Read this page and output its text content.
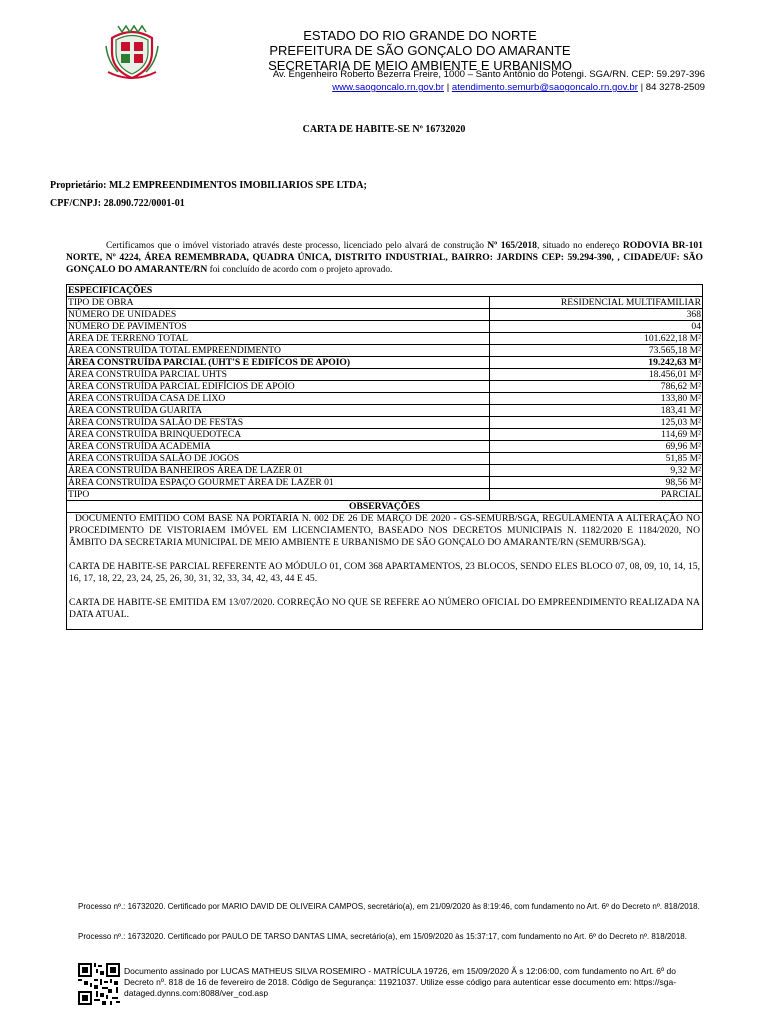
ESTADO DO RIO GRANDE DO NORTE
PREFEITURA DE SÃO GONÇALO DO AMARANTE
SECRETARIA DE MEIO AMBIENTE E URBANISMO
Av. Engenheiro Roberto Bezerra Freire, 1000 – Santo Antônio do Potengi. SGA/RN. CEP: 59.297-396
www.saogoncalo.rn.gov.br | atendimento.semurb@saogoncalo.rn.gov.br | 84 3278-2509
CARTA DE HABITE-SE Nº 16732020
Proprietário: ML2 EMPREENDIMENTOS IMOBILIARIOS SPE LTDA;
CPF/CNPJ: 28.090.722/0001-01
Certificamos que o imóvel vistoriado através deste processo, licenciado pelo alvará de construção Nº 165/2018, situado no endereço RODOVIA BR-101 NORTE, Nº 4224, ÁREA REMEMBRADA, QUADRA ÚNICA, DISTRITO INDUSTRIAL, BAIRRO: JARDINS CEP: 59.294-390, , CIDADE/UF: SÃO GONÇALO DO AMARANTE/RN foi concluído de acordo com o projeto aprovado.
ESPECIFICAÇÕES	
TIPO DE OBRA	RESIDENCIAL MULTIFAMILIAR
NÚMERO DE UNIDADES	368
NÚMERO DE PAVIMENTOS	04
ÁREA DE TERRENO TOTAL	101.622,18 M²
ÁREA CONSTRUÍDA TOTAL EMPREENDIMENTO	73.565,18 M²
ÁREA CONSTRUÍDA PARCIAL (UHT'S E EDIFÍCOS DE APOIO)	19.242,63 M²
ÁREA CONSTRUÍDA PARCIAL UHTS	18.456,01 M²
ÁREA CONSTRUÍDA PARCIAL EDIFÍCIOS DE APOIO	786,62 M²
ÁREA CONSTRUÍDA CASA DE LIXO	133,80 M²
ÁREA CONSTRUÍDA GUARITA	183,41 M²
ÁREA CONSTRUÍDA SALÃO DE FESTAS	125,03 M²
ÁREA CONSTRUÍDA BRINQUEDOTECA	114,69 M²
ÁREA CONSTRUÍDA ACADEMIA	69,96 M²
ÁREA CONSTRUÍDA SALÃO DE JOGOS	51,85 M²
ÁREA CONSTRUÍDA BANHEIROS ÁREA DE LAZER 01	9,32 M²
ÁREA CONSTRUÍDA ESPAÇO GOURMET ÁREA DE LAZER 01	98,56 M²
TIPO	PARCIAL
OBSERVAÇÕES	

DOCUMENTO EMITIDO COM BASE NA PORTARIA N. 002 DE 26 DE MARÇO DE 2020 - GS-SEMURB/SGA, REGULAMENTA A ALTERAÇÃO NO PROCEDIMENTO DE VISTORIAEM IMÓVEL EM LICENCIAMENTO, BASEADO NOS DECRETOS MUNICIPAIS N. 1182/2020 E 1184/2020, NO ÂMBITO DA SECRETARIA MUNICIPAL DE MEIO AMBIENTE E URBANISMO DE SÃO GONÇALO DO AMARANTE/RN (SEMURB/SGA).

CARTA DE HABITE-SE PARCIAL REFERENTE AO MÓDULO 01, COM 368 APARTAMENTOS, 23 BLOCOS, SENDO ELES BLOCO 07, 08, 09, 10, 14, 15, 16, 17, 18, 22, 23, 24, 25, 26, 30, 31, 32, 33, 34, 42, 43, 44 E 45.

CARTA DE HABITE-SE EMITIDA EM 13/07/2020. CORREÇÃO NO QUE SE REFERE AO NÚMERO OFICIAL DO EMPREENDIMENTO REALIZADA NA DATA ATUAL.	

Processo nº.: 16732020. Certificado por MARIO DAVID DE OLIVEIRA CAMPOS, secretário(a), em 21/09/2020 às 8:19:46, com fundamento no Art. 6º do Decreto nº. 818/2018.
Processo nº.: 16732020. Certificado por PAULO DE TARSO DANTAS LIMA, secretário(a), em 15/09/2020 às 15:37:17, com fundamento no Art. 6º do Decreto nº. 818/2018.
Documento assinado por LUCAS MATHEUS SILVA ROSEMIRO - MATRÍCULA 19726, em 15/09/2020 Ã s 12:06:00, com fundamento no Art. 6º do Decreto nº. 818 de 16 de fevereiro de 2018. Código de Segurança: 11921037. Utilize esse código para autenticar esse documento em: https://sga-dataged.dynns.com:8088/ver_cod.asp
